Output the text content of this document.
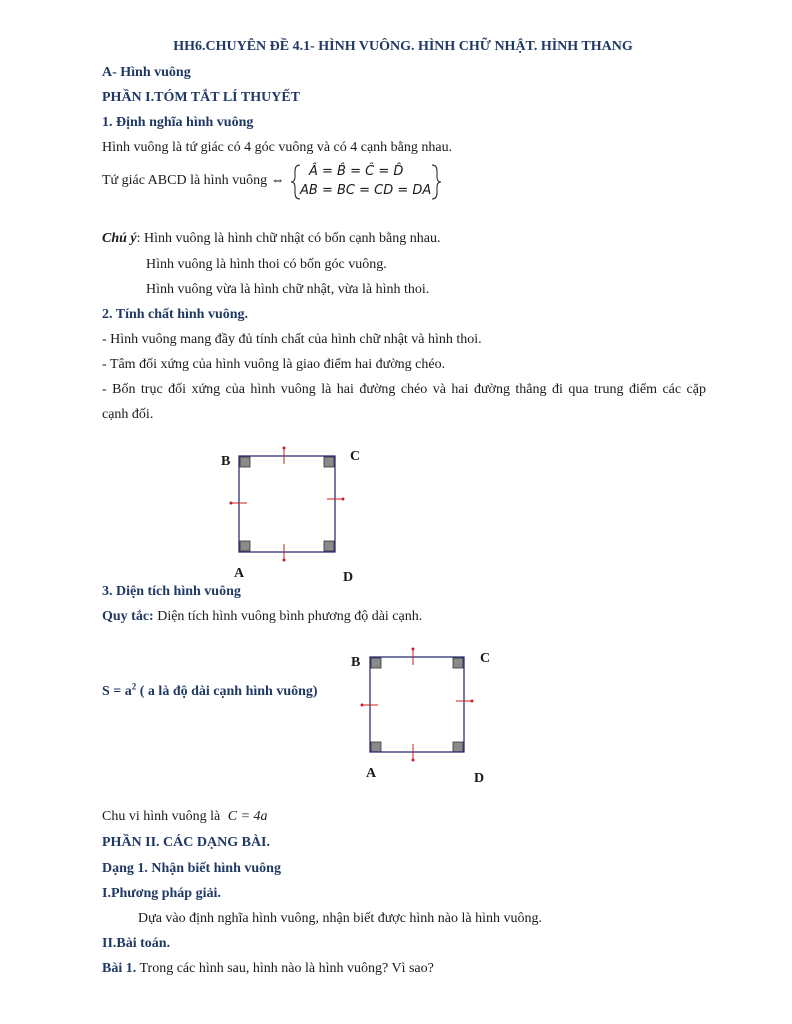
HH6.CHUYÊN ĐỀ 4.1- HÌNH VUÔNG. HÌNH CHỮ NHẬT. HÌNH THANG
A- Hình vuông
PHẦN I.TÓM TẮT LÍ THUYẾT
1. Định nghĩa hình vuông
Hình vuông là tứ giác có 4 góc vuông và có 4 cạnh bằng nhau.
Tứ giác ABCD là hình vuông ⇔
Â = B̂ = Ĉ = D̂
AB = BC = CD = DA
Chú ý: Hình vuông là hình chữ nhật có bốn cạnh bằng nhau.
Hình vuông là hình thoi có bốn góc vuông.
Hình vuông vừa là hình chữ nhật, vừa là hình thoi.
2. Tính chất hình vuông.
- Hình vuông mang đầy đủ tính chất của hình chữ nhật và hình thoi.
- Tâm đối xứng của hình vuông là giao điểm hai đường chéo.
- Bốn trục đối xứng của hình vuông là hai đường chéo và hai đường thẳng đi qua trung điểm các cặp
cạnh đối.
B	C
A	D
3. Diện tích hình vuông
Quy tắc: Diện tích hình vuông bình phương độ dài cạnh.
$S = a^2$ ( a là độ dài cạnh hình vuông)
B	C
A	D
Chu vi hình vuông là C = 4a
PHẦN II. CÁC DẠNG BÀI.
Dạng 1. Nhận biết hình vuông
I.Phương pháp giải.
Dựa vào định nghĩa hình vuông, nhận biết được hình nào là hình vuông.
II.Bài toán.
Bài 1. Trong các hình sau, hình nào là hình vuông? Vì sao?
